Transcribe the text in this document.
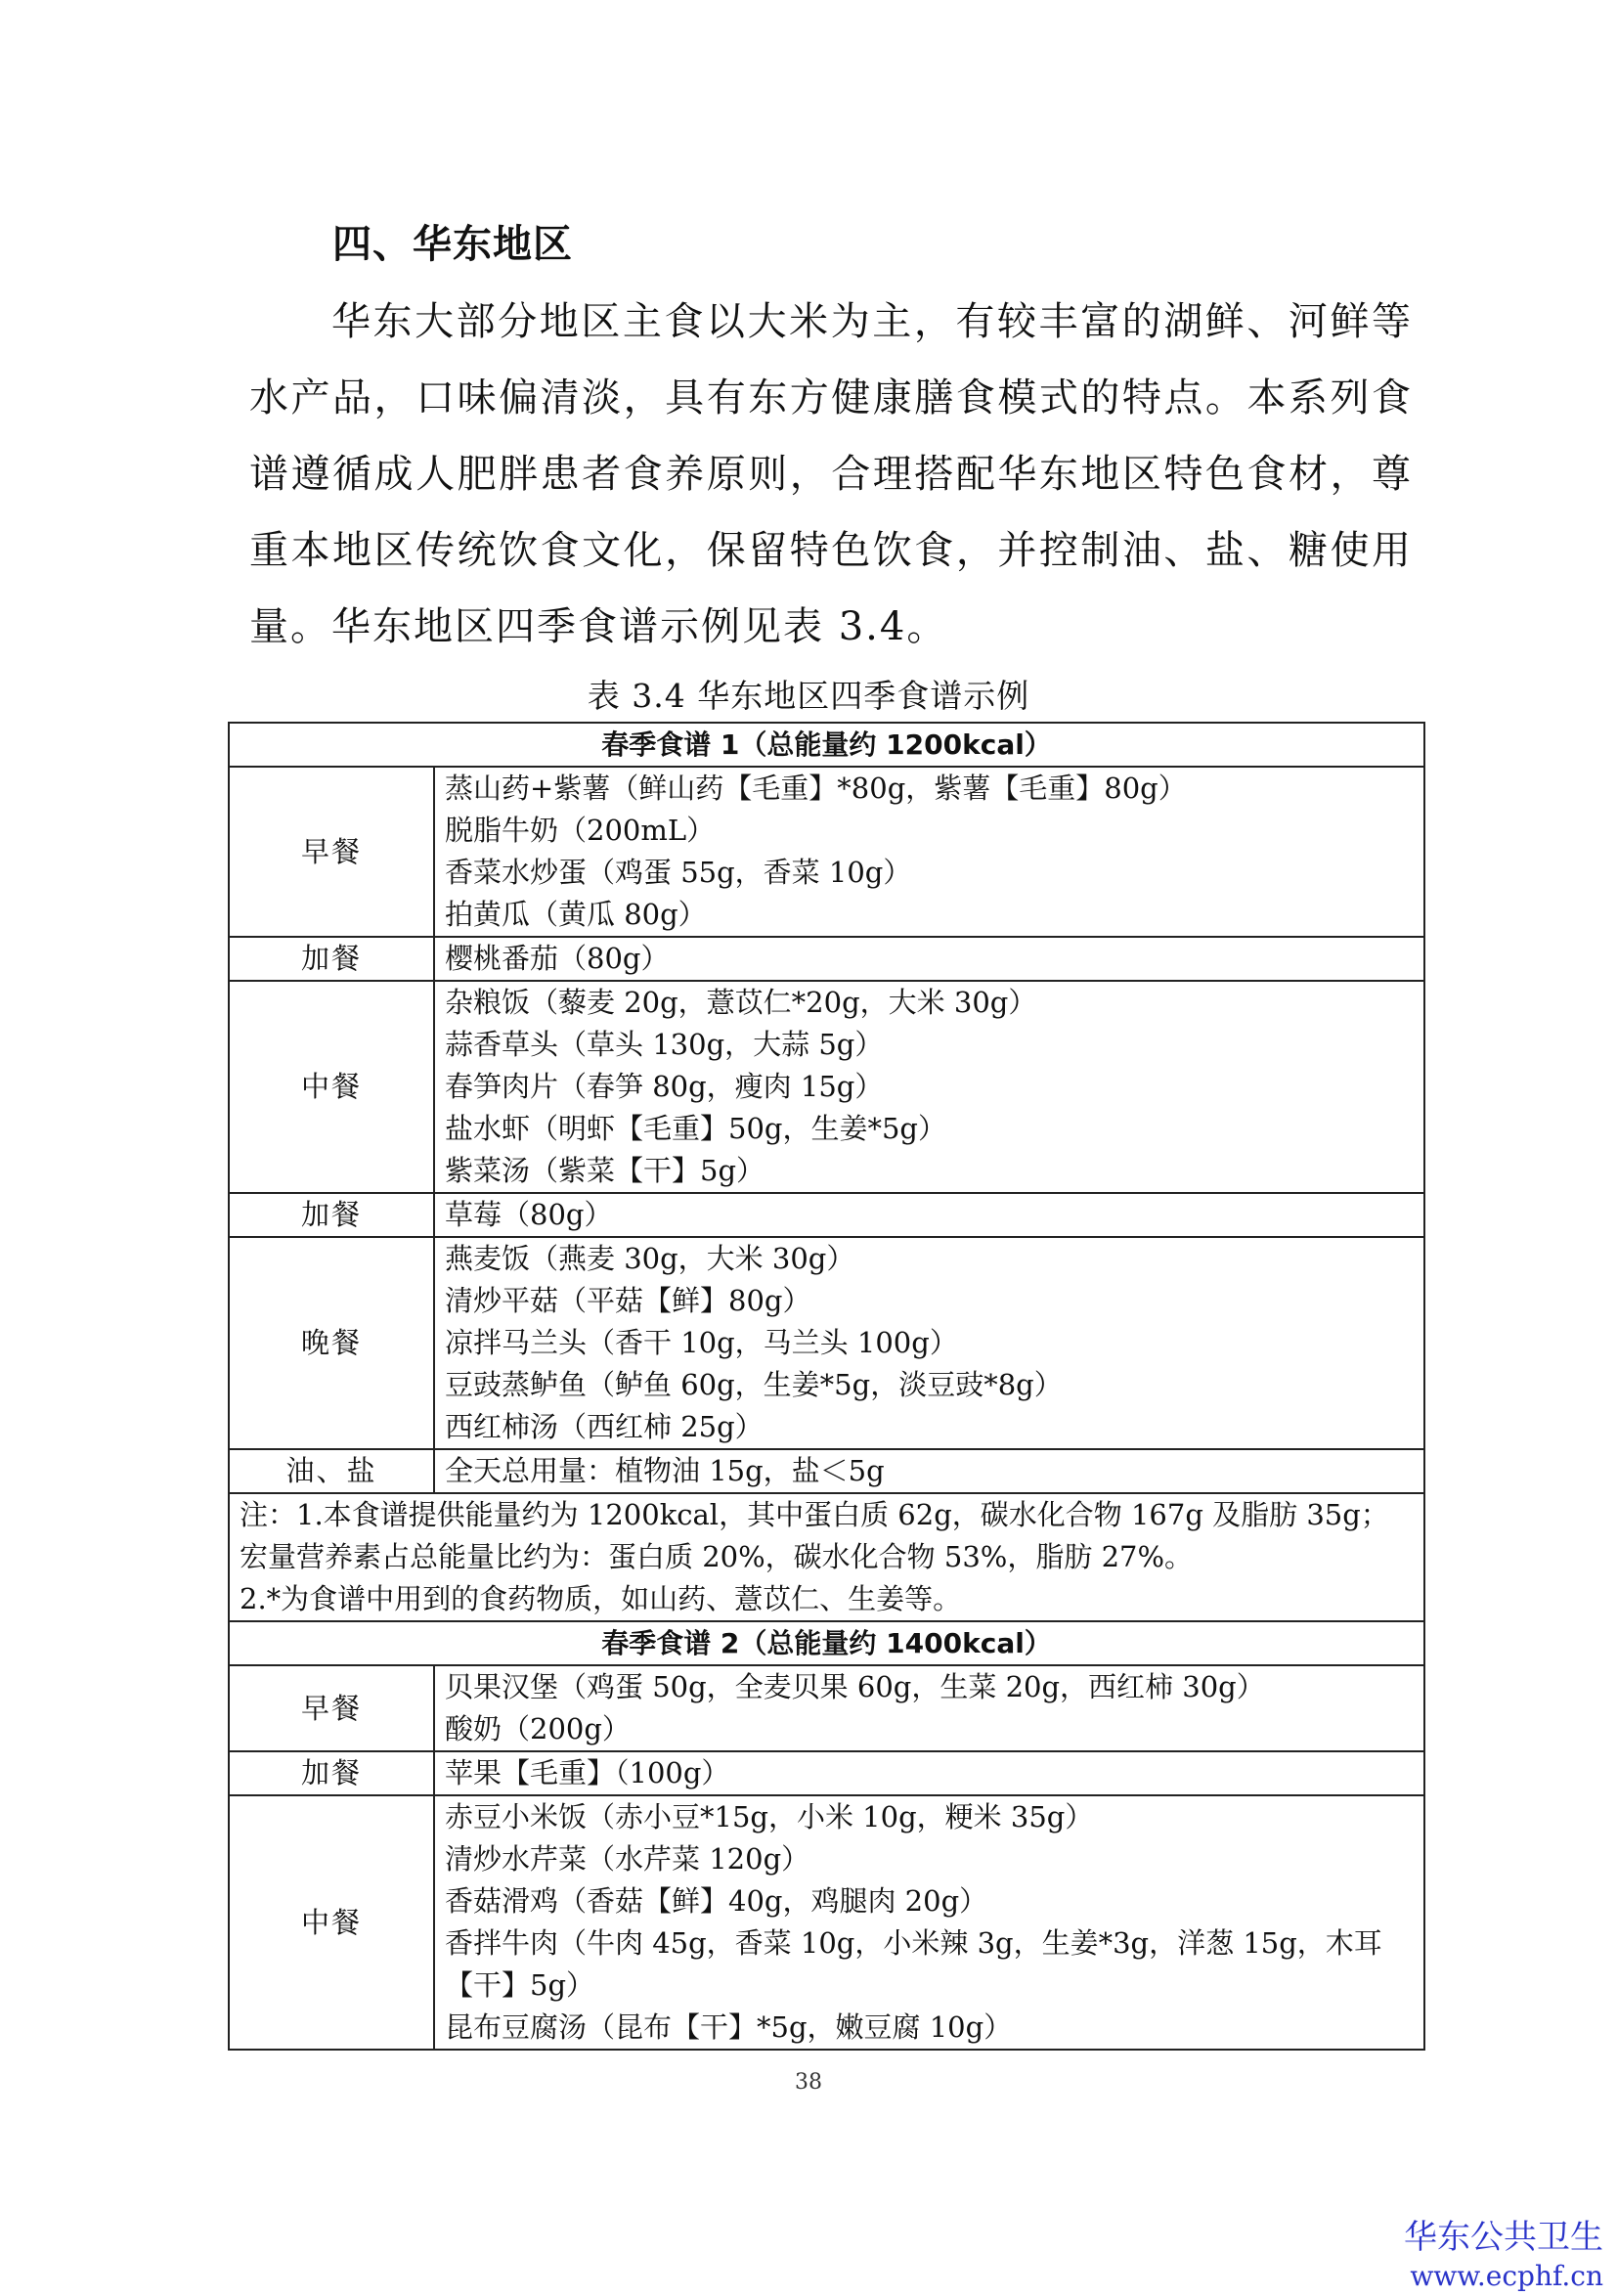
四、华东地区
华东大部分地区主食以大米为主，有较丰富的湖鲜、河鲜等水产品，口味偏清淡，具有东方健康膳食模式的特点。本系列食谱遵循成人肥胖患者食养原则，合理搭配华东地区特色食材，尊重本地区传统饮食文化，保留特色饮食，并控制油、盐、糖使用量。华东地区四季食谱示例见表 3.4。
表 3.4 华东地区四季食谱示例
春季食谱 1（总能量约 1200kcal）	
早餐	蒸山药+紫薯（鲜山药【毛重】*80g，紫薯【毛重】80g）
脱脂牛奶（200mL）
香菜水炒蛋（鸡蛋 55g，香菜 10g）
拍黄瓜（黄瓜 80g）

加餐	樱桃番茄（80g）

中餐	杂粮饭（藜麦 20g，薏苡仁*20g，大米 30g）
蒜香草头（草头 130g，大蒜 5g）
春笋肉片（春笋 80g，瘦肉 15g）
盐水虾（明虾【毛重】50g，生姜*5g）
紫菜汤（紫菜【干】5g）

加餐	草莓（80g）

晚餐	燕麦饭（燕麦 30g，大米 30g）
清炒平菇（平菇【鲜】80g）
凉拌马兰头（香干 10g，马兰头 100g）
豆豉蒸鲈鱼（鲈鱼 60g，生姜*5g，淡豆豉*8g）
西红柿汤（西红柿 25g）

油、盐	全天总用量：植物油 15g，盐＜5g

注：1.本食谱提供能量约为 1200kcal，其中蛋白质 62g，碳水化合物 167g 及脂肪 35g；宏量营养素占总能量比约为：蛋白质 20%，碳水化合物 53%，脂肪 27%。
2.*为食谱中用到的食药物质，如山药、薏苡仁、生姜等。	

春季食谱 2（总能量约 1400kcal）	
早餐	贝果汉堡（鸡蛋 50g，全麦贝果 60g，生菜 20g，西红柿 30g）
酸奶（200g）

加餐	苹果【毛重】（100g）

中餐	赤豆小米饭（赤小豆*15g，小米 10g，粳米 35g）
清炒水芹菜（水芹菜 120g）
香菇滑鸡（香菇【鲜】40g，鸡腿肉 20g）
香拌牛肉（牛肉 45g，香菜 10g，小米辣 3g，生姜*3g，洋葱 15g，木耳【干】5g）
昆布豆腐汤（昆布【干】*5g，嫩豆腐 10g）
38
华东公共卫生
www.ecphf.cn
